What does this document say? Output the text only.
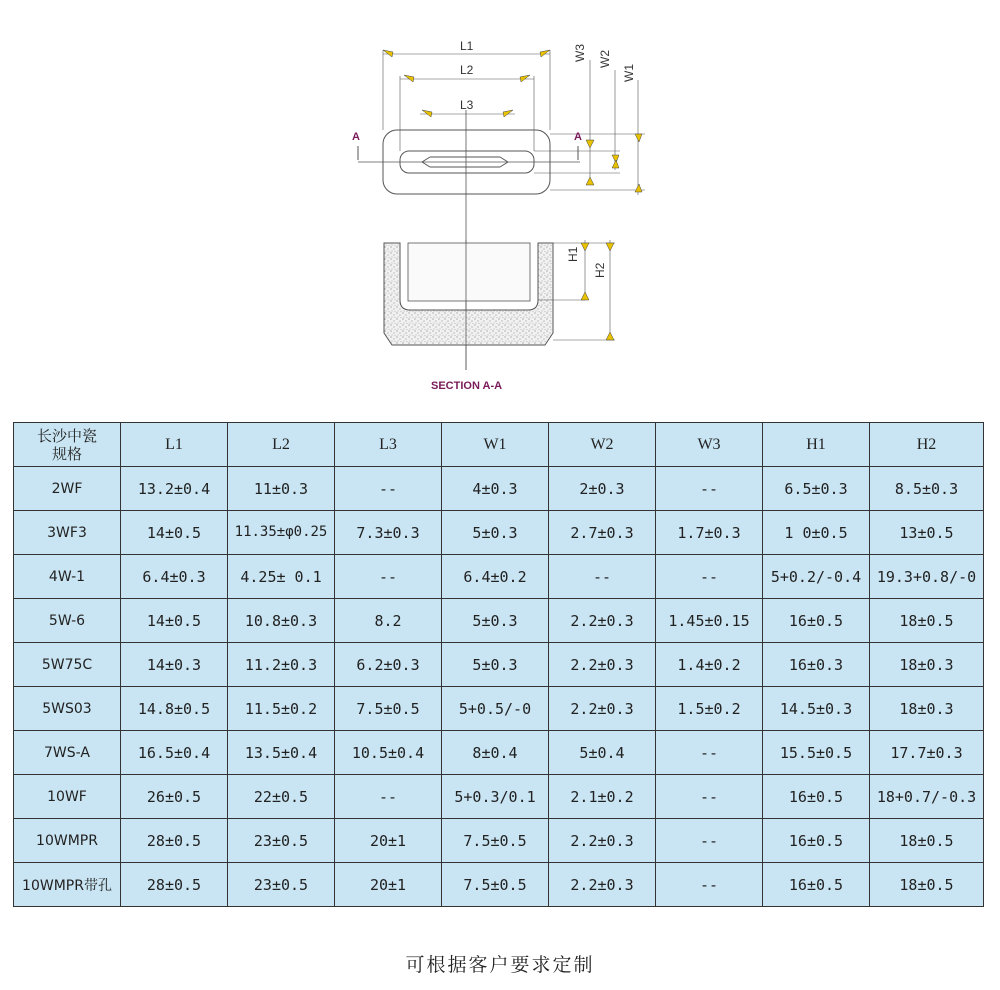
L1
L2
L3
W3 W2
W1
H1
H2
A	A
SECTION A-A
长沙中瓷
规格	L1	L2	L3	W1	W2	W3	H1	H2
2WF	13.2±0.4	11±0.3	--	4±0.3	2±0.3	--	6.5±0.3	8.5±0.3
3WF3	14±0.5	11.35±φ0.25	7.3±0.3	5±0.3	2.7±0.3	1.7±0.3	1 0±0.5	13±0.5
4W-1	6.4±0.3	4.25± 0.1	--	6.4±0.2	--	--	5+0.2/-0.4	19.3+0.8/-0
5W-6	14±0.5	10.8±0.3	8.2	5±0.3	2.2±0.3	1.45±0.15	16±0.5	18±0.5
5W75C	14±0.3	11.2±0.3	6.2±0.3	5±0.3	2.2±0.3	1.4±0.2	16±0.3	18±0.3
5WS03	14.8±0.5	11.5±0.2	7.5±0.5	5+0.5/-0	2.2±0.3	1.5±0.2	14.5±0.3	18±0.3
7WS-A	16.5±0.4	13.5±0.4	10.5±0.4	8±0.4	5±0.4	--	15.5±0.5	17.7±0.3
10WF	26±0.5	22±0.5	--	5+0.3/0.1	2.1±0.2	--	16±0.5	18+0.7/-0.3
10WMPR	28±0.5	23±0.5	20±1	7.5±0.5	2.2±0.3	--	16±0.5	18±0.5
10WMPR带孔	28±0.5	23±0.5	20±1	7.5±0.5	2.2±0.3	--	16±0.5	18±0.5
可根据客户要求定制
